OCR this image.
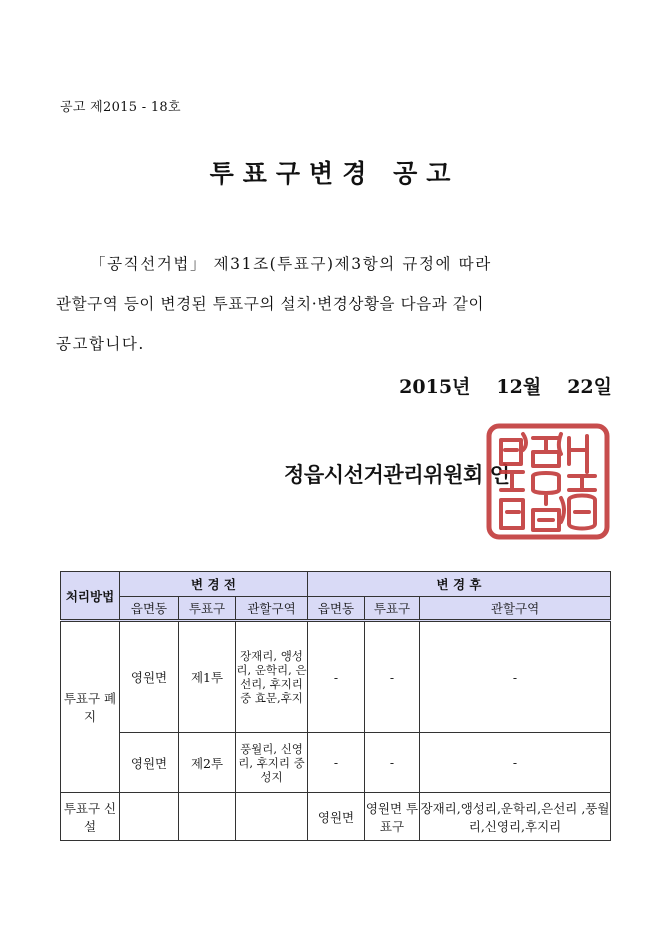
공고 제2015 - 18호
투표구변경 공고

「공직선거법」 제31조(투표구)제3항의 규정에 따라

관할구역 등이 변경된 투표구의 설치·변경상황을 다음과 같이

공고합니다.

2015년 12월 22일
정읍시선거관리위원회 인
처리방법	변 경 전			변 경 후		
	읍면동	투표구	관할구역	읍면동	투표구	관할구역
투표구 폐지	영원면	제1투	장재리, 앵성리, 운학리, 은선리, 후지리 중 효문,후지	-	-	-
	영원면	제2투	풍월리, 신영리, 후지리 중 성지	-	-	-
투표구 신설				영원면	영원면 투표구	장재리,앵성리,운학리,은선리 ,풍월리,신영리,후지리
